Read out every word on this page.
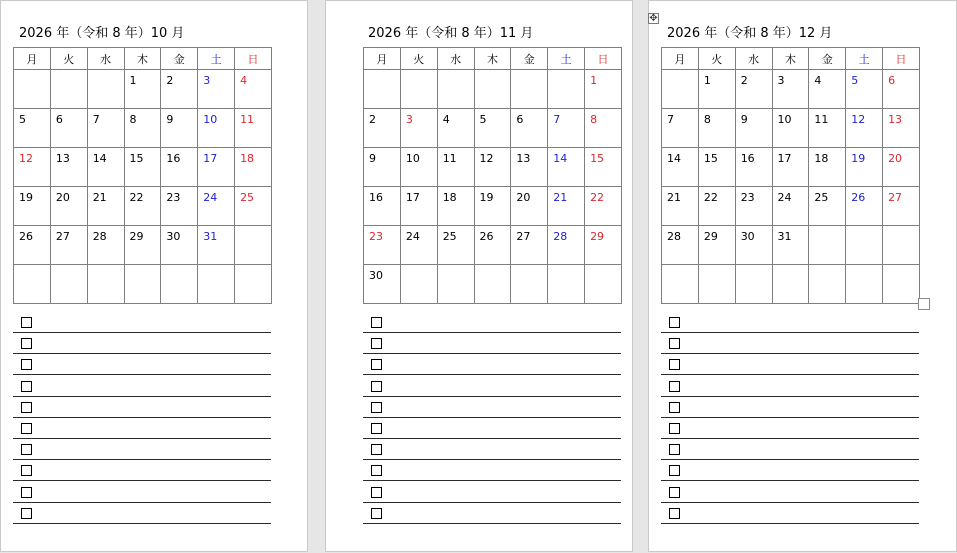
2026 年（令和 8 年）10 月
月	火	水	木	金	土	日

			1	2	3	4

5	6	7	8	9	10	11

12	13	14	15	16	17	18

19	20	21	22	23	24	25

26	27	28	29	30	31	

2026 年（令和 8 年）11 月
月	火	水	木	金	土	日

						1

2	3	4	5	6	7	8

9	10	11	12	13	14	15

16	17	18	19	20	21	22

23	24	25	26	27	28	29

30						

2026 年（令和 8 年）12 月
月	火	水	木	金	土	日

	1	2	3	4	5	6

7	8	9	10	11	12	13

14	15	16	17	18	19	20

21	22	23	24	25	26	27

28	29	30	31			

✥
